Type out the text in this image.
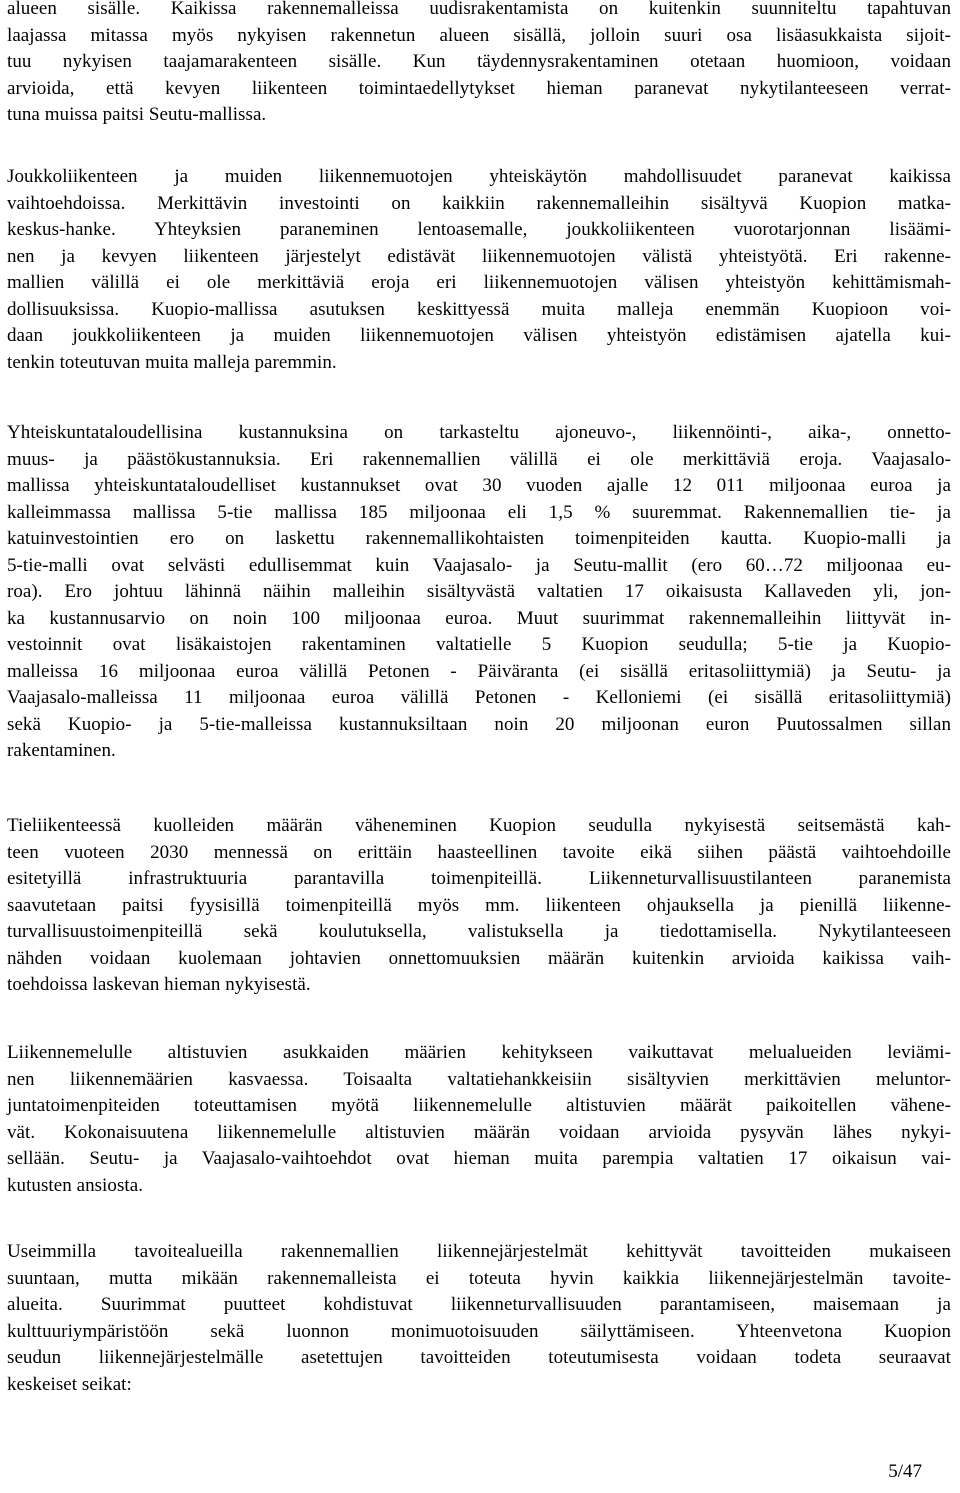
alueen sisälle. Kaikissa rakennemalleissa uudisrakentamista on kuitenkin suunniteltu tapahtuvan
laajassa mitassa myös nykyisen rakennetun alueen sisällä, jolloin suuri osa lisäasukkaista sijoit-
tuu nykyisen taajamarakenteen sisälle. Kun täydennysrakentaminen otetaan huomioon, voidaan
arvioida, että kevyen liikenteen toimintaedellytykset hieman paranevat nykytilanteeseen verrat-
tuna muissa paitsi Seutu-mallissa.
Joukkoliikenteen ja muiden liikennemuotojen yhteiskäytön mahdollisuudet paranevat kaikissa
vaihtoehdoissa. Merkittävin investointi on kaikkiin rakennemalleihin sisältyvä Kuopion matka-
keskus-hanke. Yhteyksien paraneminen lentoasemalle, joukkoliikenteen vuorotarjonnan lisäämi-
nen ja kevyen liikenteen järjestelyt edistävät liikennemuotojen välistä yhteistyötä. Eri rakenne-
mallien välillä ei ole merkittäviä eroja eri liikennemuotojen välisen yhteistyön kehittämismah-
dollisuuksissa. Kuopio-mallissa asutuksen keskittyessä muita malleja enemmän Kuopioon voi-
daan joukkoliikenteen ja muiden liikennemuotojen välisen yhteistyön edistämisen ajatella kui-
tenkin toteutuvan muita malleja paremmin.
Yhteiskuntataloudellisina kustannuksina on tarkasteltu ajoneuvo-, liikennöinti-, aika-, onnetto-
muus- ja päästökustannuksia. Eri rakennemallien välillä ei ole merkittäviä eroja. Vaajasalo-
mallissa yhteiskuntataloudelliset kustannukset ovat 30 vuoden ajalle 12 011 miljoonaa euroa ja
kalleimmassa mallissa 5-tie mallissa 185 miljoonaa eli 1,5 % suuremmat. Rakennemallien tie- ja
katuinvestointien ero on laskettu rakennemallikohtaisten toimenpiteiden kautta. Kuopio-malli ja
5-tie-malli ovat selvästi edullisemmat kuin Vaajasalo- ja Seutu-mallit (ero 60…72 miljoonaa eu-
roa). Ero johtuu lähinnä näihin malleihin sisältyvästä valtatien 17 oikaisusta Kallaveden yli, jon-
ka kustannusarvio on noin 100 miljoonaa euroa. Muut suurimmat rakennemalleihin liittyvät in-
vestoinnit ovat lisäkaistojen rakentaminen valtatielle 5 Kuopion seudulla; 5-tie ja Kuopio-
malleissa 16 miljoonaa euroa välillä Petonen - Päiväranta (ei sisällä eritasoliittymiä) ja Seutu- ja
Vaajasalo-malleissa 11 miljoonaa euroa välillä Petonen - Kelloniemi (ei sisällä eritasoliittymiä)
sekä Kuopio- ja 5-tie-malleissa kustannuksiltaan noin 20 miljoonan euron Puutossalmen sillan
rakentaminen.
Tieliikenteessä kuolleiden määrän väheneminen Kuopion seudulla nykyisestä seitsemästä kah-
teen vuoteen 2030 mennessä on erittäin haasteellinen tavoite eikä siihen päästä vaihtoehdoille
esitetyillä infrastruktuuria parantavilla toimenpiteillä. Liikenneturvallisuustilanteen paranemista
saavutetaan paitsi fyysisillä toimenpiteillä myös mm. liikenteen ohjauksella ja pienillä liikenne-
turvallisuustoimenpiteillä sekä koulutuksella, valistuksella ja tiedottamisella. Nykytilanteeseen
nähden voidaan kuolemaan johtavien onnettomuuksien määrän kuitenkin arvioida kaikissa vaih-
toehdoissa laskevan hieman nykyisestä.
Liikennemelulle altistuvien asukkaiden määrien kehitykseen vaikuttavat melualueiden leviämi-
nen liikennemäärien kasvaessa. Toisaalta valtatiehankkeisiin sisältyvien merkittävien meluntor-
juntatoimenpiteiden toteuttamisen myötä liikennemelulle altistuvien määrät paikoitellen vähene-
vät. Kokonaisuutena liikennemelulle altistuvien määrän voidaan arvioida pysyvän lähes nykyi-
sellään. Seutu- ja Vaajasalo-vaihtoehdot ovat hieman muita parempia valtatien 17 oikaisun vai-
kutusten ansiosta.
Useimmilla tavoitealueilla rakennemallien liikennejärjestelmät kehittyvät tavoitteiden mukaiseen
suuntaan, mutta mikään rakennemalleista ei toteuta hyvin kaikkia liikennejärjestelmän tavoite-
alueita. Suurimmat puutteet kohdistuvat liikenneturvallisuuden parantamiseen, maisemaan ja
kulttuuriympäristöön sekä luonnon monimuotoisuuden säilyttämiseen. Yhteenvetona Kuopion
seudun liikennejärjestelmälle asetettujen tavoitteiden toteutumisesta voidaan todeta seuraavat
keskeiset seikat:
5/47
